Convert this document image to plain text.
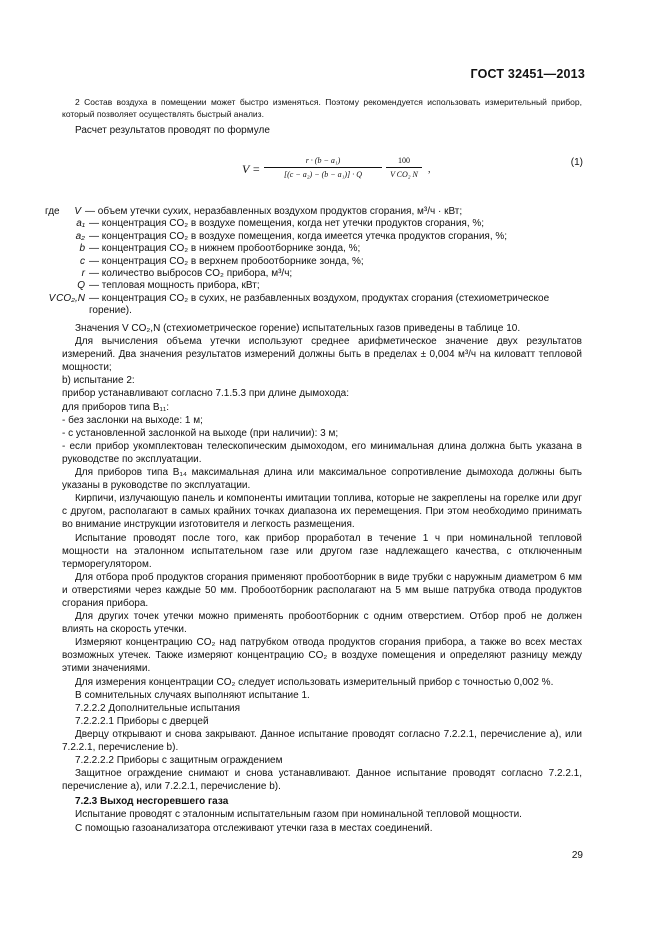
ГОСТ 32451—2013

2 Состав воздуха в помещении может быстро изменяться. Поэтому рекомендуется использовать измерительный прибор, который позволяет осуществлять быстрый анализ.

Расчет результатов проводят по формуле

$V = \frac{\text{r · (b − a₁)}}{\text{[(c − a₂) − (b − a₁)] · Q}} \frac{100}{\text{V CO₂ N}}$ ,
(1)
где	V — объем утечки сухих, неразбавленных воздухом продуктов сгорания, м³/ч · кВт;
a₁ — концентрация CO₂ в воздухе помещения, когда нет утечки продуктов сгорания, %;
a₂ — концентрация CO₂ в воздухе помещения, когда имеется утечка продуктов сгорания, %;
b — концентрация CO₂ в нижнем пробоотборнике зонда, %;
c — концентрация CO₂ в верхнем пробоотборнике зонда, %;
r — количество выбросов CO₂ прибора, м³/ч;
Q — тепловая мощность прибора, кВт;
V CO₂,N — концентрация CO₂ в сухих, не разбавленных воздухом, продуктах сгорания (стехиометрическое горение).
Значения V CO₂,N (стехиометрическое горение) испытательных газов приведены в таблице 10.
Для вычисления объема утечки используют среднее арифметическое значение двух результатов измерений. Два значения результатов измерений должны быть в пределах ± 0,004 м³/ч на киловатт тепловой мощности;
b) испытание 2:
прибор устанавливают согласно 7.1.5.3 при длине дымохода:
для приборов типа B₁₁:
- без заслонки на выходе: 1 м;
- с установленной заслонкой на выходе (при наличии): 3 м;
- если прибор укомплектован телескопическим дымоходом, его минимальная длина должна быть указана в руководстве по эксплуатации.
Для приборов типа B₁₄ максимальная длина или максимальное сопротивление дымохода должны быть указаны в руководстве по эксплуатации.
Кирпичи, излучающую панель и компоненты имитации топлива, которые не закреплены на горелке или друг с другом, располагают в самых крайних точках диапазона их перемещения. При этом необходимо принимать во внимание инструкции изготовителя и легкость размещения.
Испытание проводят после того, как прибор проработал в течение 1 ч при номинальной тепловой мощности на эталонном испытательном газе или другом газе надлежащего качества, с отключенным терморегулятором.
Для отбора проб продуктов сгорания применяют пробоотборник в виде трубки с наружным диаметром 6 мм и отверстиями через каждые 50 мм. Пробоотборник располагают на 5 мм выше патрубка отвода продуктов сгорания прибора.
Для других точек утечки можно применять пробоотборник с одним отверстием. Отбор проб не должен влиять на скорость утечки.
Измеряют концентрацию CO₂ над патрубком отвода продуктов сгорания прибора, а также во всех местах возможных утечек. Также измеряют концентрацию CO₂ в воздухе помещения и определяют разницу между этими значениями.
Для измерения концентрации CO₂ следует использовать измерительный прибор с точностью 0,002 %.
В сомнительных случаях выполняют испытание 1.
7.2.2.2 Дополнительные испытания
7.2.2.2.1 Приборы с дверцей
Дверцу открывают и снова закрывают. Данное испытание проводят согласно 7.2.2.1, перечисление a), или 7.2.2.1, перечисление b).
7.2.2.2.2 Приборы с защитным ограждением
Защитное ограждение снимают и снова устанавливают. Данное испытание проводят согласно 7.2.2.1, перечисление a), или 7.2.2.1, перечисление b).
7.2.3 Выход несгоревшего газа
Испытание проводят с эталонным испытательным газом при номинальной тепловой мощности.
С помощью газоанализатора отслеживают утечки газа в местах соединений.
29
